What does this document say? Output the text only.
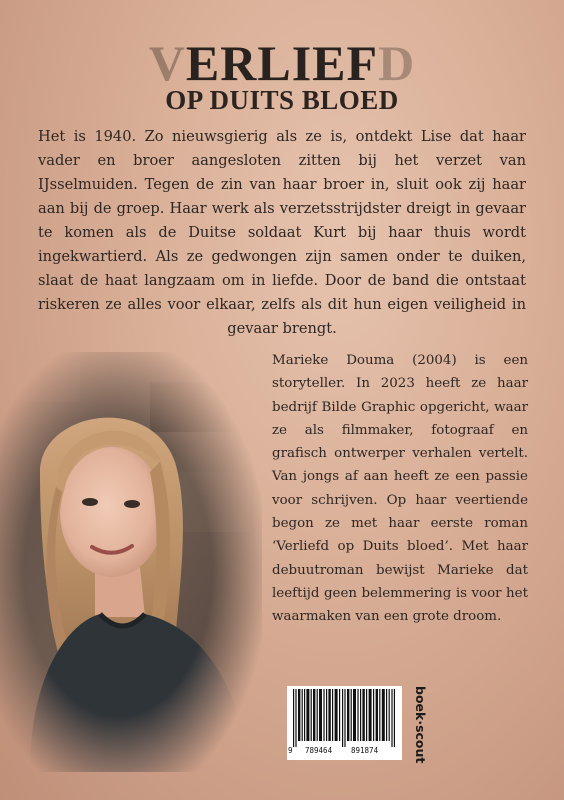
VERLIEFD
OP DUITS BLOED

Het is 1940. Zo nieuwsgierig als ze is, ontdekt Lise dat haar vader en broer aangesloten zitten bij het verzet van IJsselmuiden. Tegen de zin van haar broer in, sluit ook zij haar aan bij de groep. Haar werk als verzetsstrijdster dreigt in gevaar te komen als de Duitse soldaat Kurt bij haar thuis wordt ingekwartierd. Als ze gedwongen zijn samen onder te duiken, slaat de haat langzaam om in liefde. Door de band die ontstaat riskeren ze alles voor elkaar, zelfs als dit hun eigen veiligheid in gevaar brengt.

Marieke Douma (2004) is een storyteller. In 2023 heeft ze haar bedrijf Bilde Graphic opgericht, waar ze als filmmaker, fotograaf en grafisch ontwerper verhalen vertelt. Van jongs af aan heeft ze een passie voor schrijven. Op haar veertiende begon ze met haar eerste roman ‘Verliefd op Duits bloed’. Met haar debuutroman bewijst Marieke dat leeftijd geen belemmering is voor het waarmaken van een grote droom.

9 789464	891874	boek·scout
